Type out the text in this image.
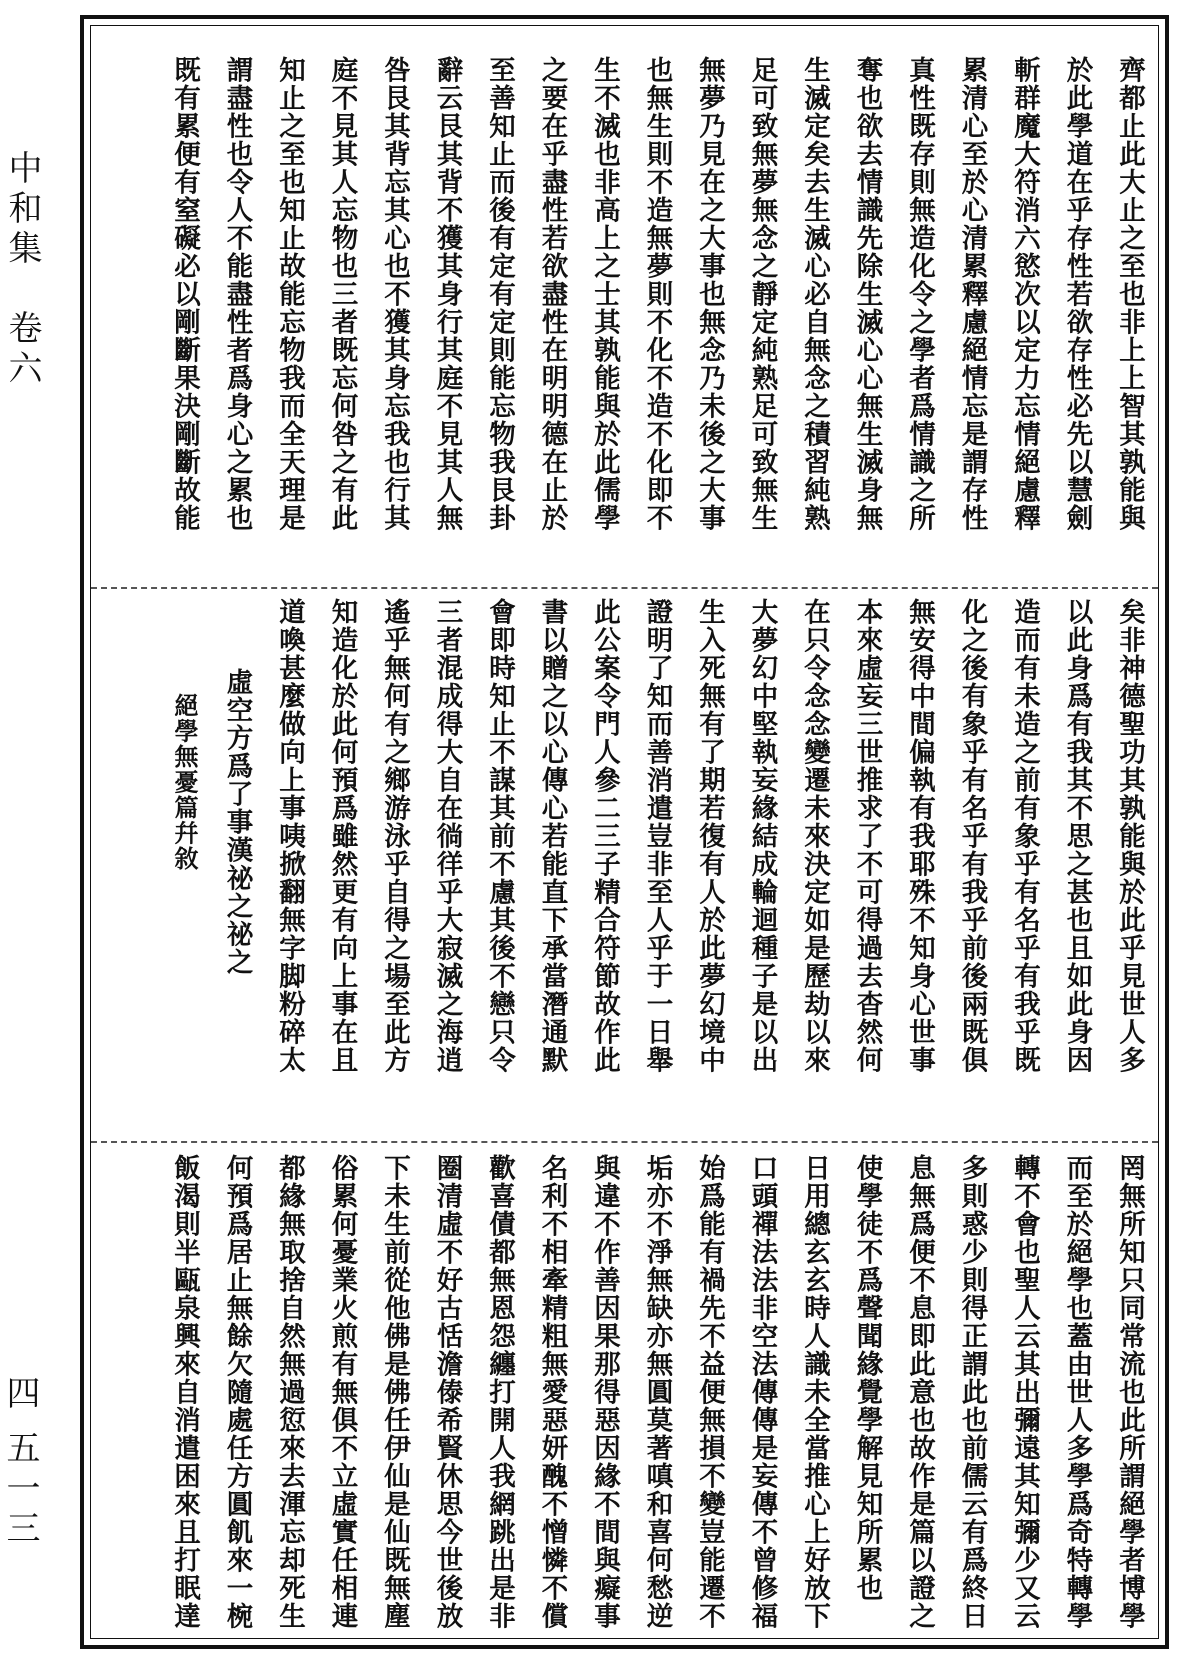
中和集　卷六
四
五一三
齊都止此大止之至也非上上智其孰能與
於此學道在乎存性若欲存性必先以慧劍
斬群魔大符消六慾次以定力忘情絕慮釋
累清心至於心清累釋慮絕情忘是謂存性
真性既存則無造化令之學者爲情識之所
奪也欲去情識先除生滅心心無生滅身無
生滅定矣去生滅心必自無念之積習純熟
足可致無夢無念之靜定純熟足可致無生
無夢乃見在之大事也無念乃未後之大事
也無生則不造無夢則不化不造不化即不
生不滅也非高上之士其孰能與於此儒學
之要在乎盡性若欲盡性在明明德在止於
至善知止而後有定有定則能忘物我艮卦
辭云艮其背不獲其身行其庭不見其人無
咎艮其背忘其心也不獲其身忘我也行其
庭不見其人忘物也三者既忘何咎之有此
知止之至也知止故能忘物我而全天理是
謂盡性也令人不能盡性者爲身心之累也
既有累便有窒礙必以剛斷果決剛斷故能
矣非神德聖功其孰能與於此乎見世人多
以此身爲有我其不思之甚也且如此身因
造而有未造之前有象乎有名乎有我乎既
化之後有象乎有名乎有我乎前後兩既俱
無安得中間偏執有我耶殊不知身心世事
本來虛妄三世推求了不可得過去杳然何
在只令念念變遷未來決定如是歷劫以來
大夢幻中堅執妄緣結成輪迴種子是以出
生入死無有了期若復有人於此夢幻境中
證明了知而善消遣豈非至人乎于一日舉
此公案令門人參二三子精合符節故作此
書以贈之以心傳心若能直下承當潛通默
會即時知止不謀其前不慮其後不戀只令
三者混成得大自在徜徉乎大寂滅之海逍
遙乎無何有之鄉游泳乎自得之場至此方
知造化於此何預爲雖然更有向上事在且
道喚甚麼做向上事咦掀翻無字脚粉碎太
虛空方爲了事漢祕之祕之
絕學無憂篇幷敘
罔無所知只同常流也此所謂絕學者博學
而至於絕學也蓋由世人多學爲奇特轉學
轉不會也聖人云其出彌遠其知彌少又云
多則惑少則得正謂此也前儒云有爲終日
息無爲便不息即此意也故作是篇以證之
使學徒不爲聲聞緣覺學解見知所累也
日用總玄玄時人識未全當推心上好放下
口頭禪法法非空法傳傳是妄傳不曾修福
始爲能有禍先不益便無損不變豈能遷不
垢亦不淨無缺亦無圓莫著嗔和喜何愁逆
與違不作善因果那得惡因緣不間與癡事
名利不相牽精粗無愛惡妍醜不憎憐不償
歡喜債都無恩怨纏打開人我網跳出是非
圈清虛不好古恬澹傣希賢休思今世後放
下未生前從他佛是佛任伊仙是仙既無塵
俗累何憂業火煎有無俱不立虛實任相連
都緣無取捨自然無過愆來去渾忘却死生
何預爲居止無餘欠隨處任方圓飢來一椀
飯渴則半甌泉興來自消遣困來且打眠達
